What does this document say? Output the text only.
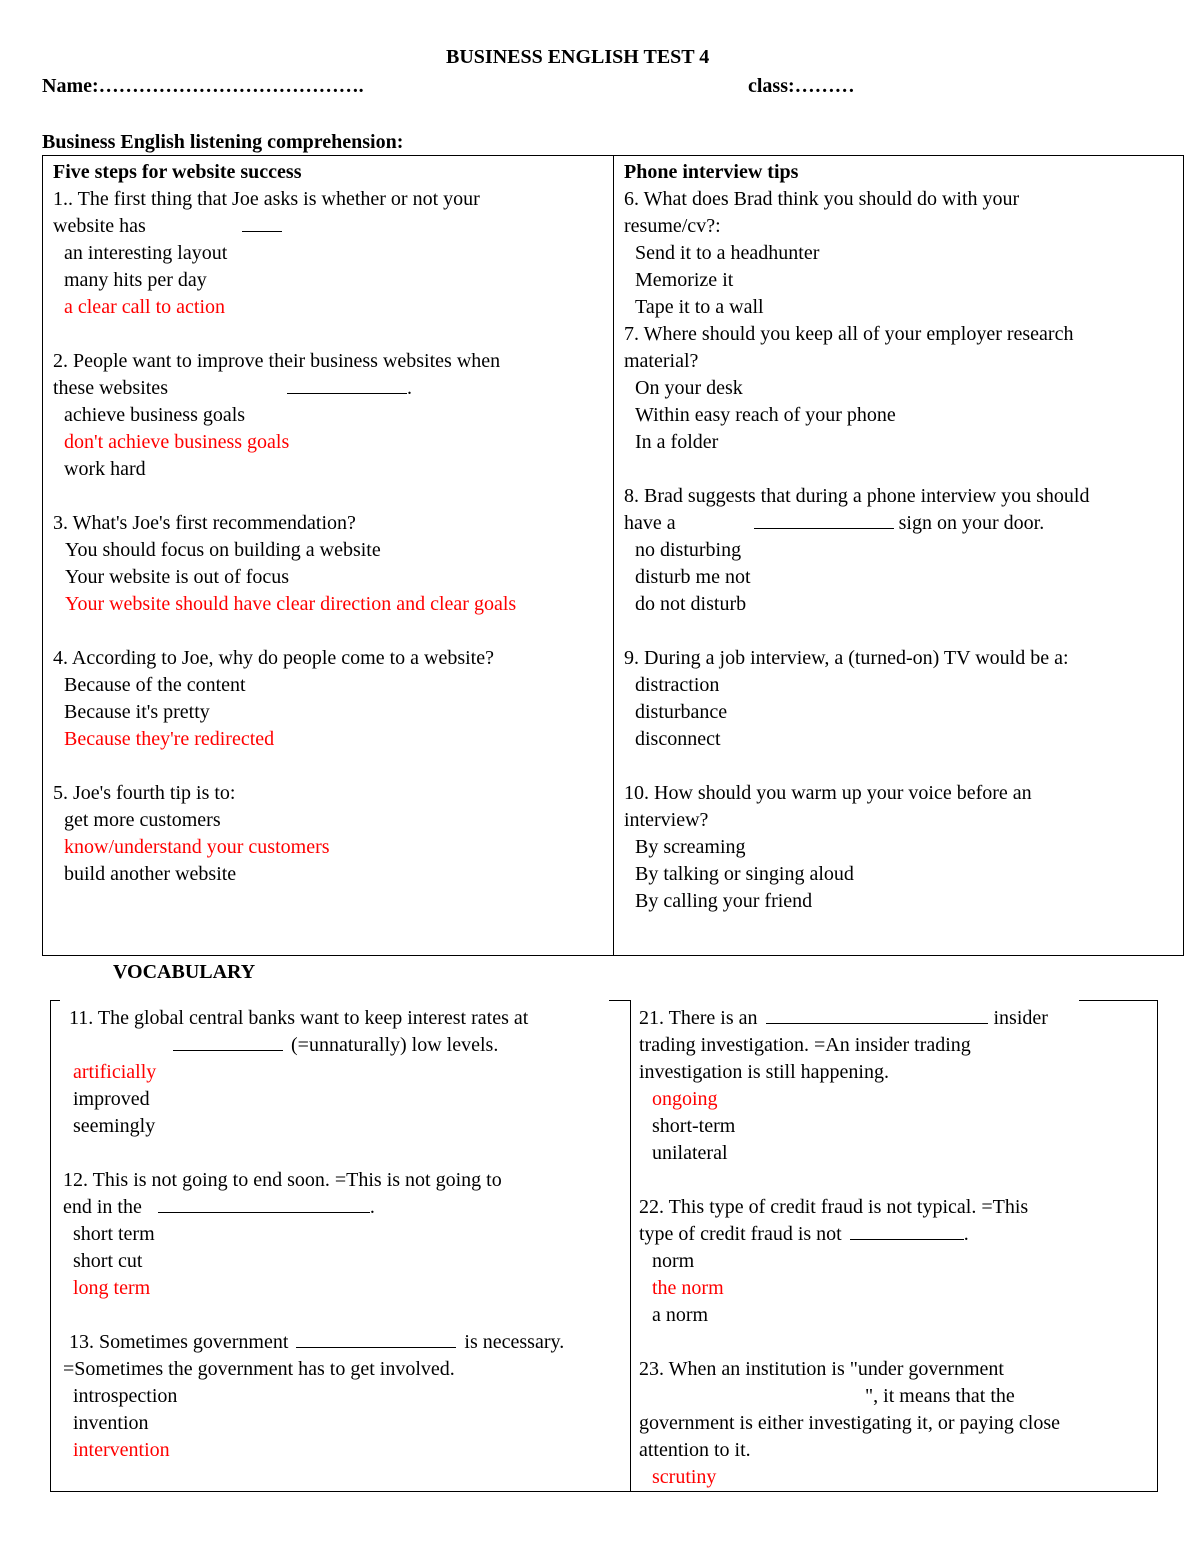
BUSINESS ENGLISH TEST 4
Name:………………………………….	class:………
Business English listening comprehension:
Five steps for website success
1.. The first thing that Joe asks is whether or not your
website has
an interesting layout
many hits per day
a clear call to action

2. People want to improve their business websites when
these websites	.
achieve business goals
don't achieve business goals
work hard

3. What's Joe's first recommendation?
You should focus on building a website
Your website is out of focus
Your website should have clear direction and clear goals

4. According to Joe, why do people come to a website?
Because of the content
Because it's pretty
Because they're redirected

5. Joe's fourth tip is to:
get more customers
know/understand your customers
build another website
Phone interview tips
6. What does Brad think you should do with your
resume/cv?:
Send it to a headhunter
Memorize it
Tape it to a wall
7. Where should you keep all of your employer research
material?
On your desk
Within easy reach of your phone
In a folder

8. Brad suggests that during a phone interview you should
have a	sign on your door.
no disturbing
disturb me not
do not disturb

9. During a job interview, a (turned-on) TV would be a:
distraction
disturbance
disconnect

10. How should you warm up your voice before an
interview?
By screaming
By talking or singing aloud
By calling your friend
VOCABULARY
11. The global central banks want to keep interest rates at
(=unnaturally) low levels.
artificially
improved
seemingly

12. This is not going to end soon. =This is not going to
end in the	.
short term
short cut
long term

13. Sometimes government	is necessary.
=Sometimes the government has to get involved.
introspection
invention
intervention
21. There is an	insider
trading investigation. =An insider trading
investigation is still happening.
ongoing
short-term
unilateral

22. This type of credit fraud is not typical. =This
type of credit fraud is not	.
norm
the norm
a norm

23. When an institution is "under government
", it means that the
government is either investigating it, or paying close
attention to it.
scrutiny
